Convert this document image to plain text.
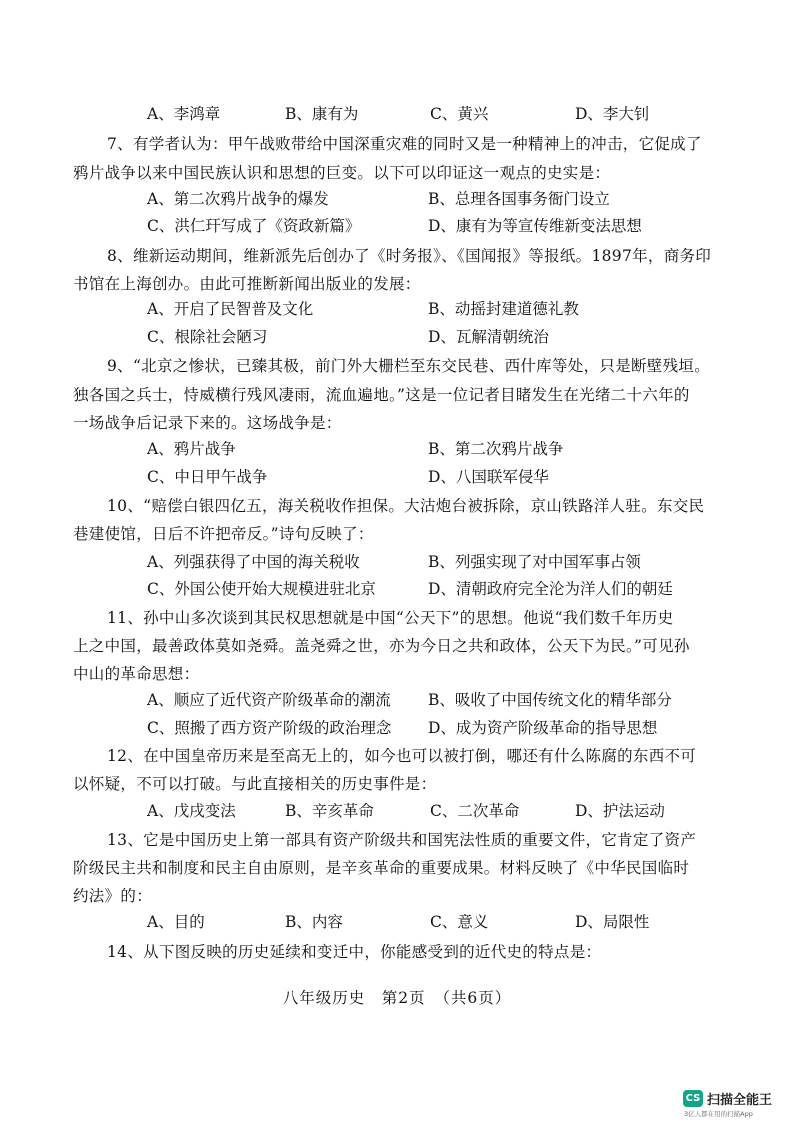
A、李鸿章	B、康有为	C、黄兴	D、李大钊
7、有学者认为：甲午战败带给中国深重灾难的同时又是一种精神上的冲击，它促成了
鸦片战争以来中国民族认识和思想的巨变。以下可以印证这一观点的史实是：
A、第二次鸦片战争的爆发	B、总理各国事务衙门设立
C、洪仁玕写成了《资政新篇》	D、康有为等宣传维新变法思想
8、维新运动期间，维新派先后创办了《时务报》、《国闻报》等报纸。1897年，商务印
书馆在上海创办。由此可推断新闻出版业的发展：
A、开启了民智普及文化	B、动摇封建道德礼教
C、根除社会陋习	D、瓦解清朝统治
9、“北京之惨状，已臻其极，前门外大栅栏至东交民巷、西什库等处，只是断壁残垣。
独各国之兵士，恃威横行残风凄雨，流血遍地。”这是一位记者目睹发生在光绪二十六年的
一场战争后记录下来的。这场战争是：
A、鸦片战争	B、第二次鸦片战争
C、中日甲午战争	D、八国联军侵华
10、“赔偿白银四亿五，海关税收作担保。大沽炮台被拆除，京山铁路洋人驻。东交民
巷建使馆，日后不许把帝反。”诗句反映了：
A、列强获得了中国的海关税收	B、列强实现了对中国军事占领
C、外国公使开始大规模进驻北京	D、清朝政府完全沦为洋人们的朝廷
11、孙中山多次谈到其民权思想就是中国“公天下”的思想。他说“我们数千年历史
上之中国，最善政体莫如尧舜。盖尧舜之世，亦为今日之共和政体，公天下为民。”可见孙
中山的革命思想：
A、顺应了近代资产阶级革命的潮流 B、吸收了中国传统文化的精华部分
C、照搬了西方资产阶级的政治理念 D、成为资产阶级革命的指导思想
12、在中国皇帝历来是至高无上的，如今也可以被打倒，哪还有什么陈腐的东西不可
以怀疑，不可以打破。与此直接相关的历史事件是：
A、戊戌变法	B、辛亥革命	C、二次革命	D、护法运动
13、它是中国历史上第一部具有资产阶级共和国宪法性质的重要文件，它肯定了资产
阶级民主共和制度和民主自由原则，是辛亥革命的重要成果。材料反映了《中华民国临时
约法》的：
A、目的	B、内容	C、意义	D、局限性
14、从下图反映的历史延续和变迁中，你能感受到的近代史的特点是：
八年级历史　第2页　（共6页）
CS 扫描全能王
3亿人都在用的扫描App
